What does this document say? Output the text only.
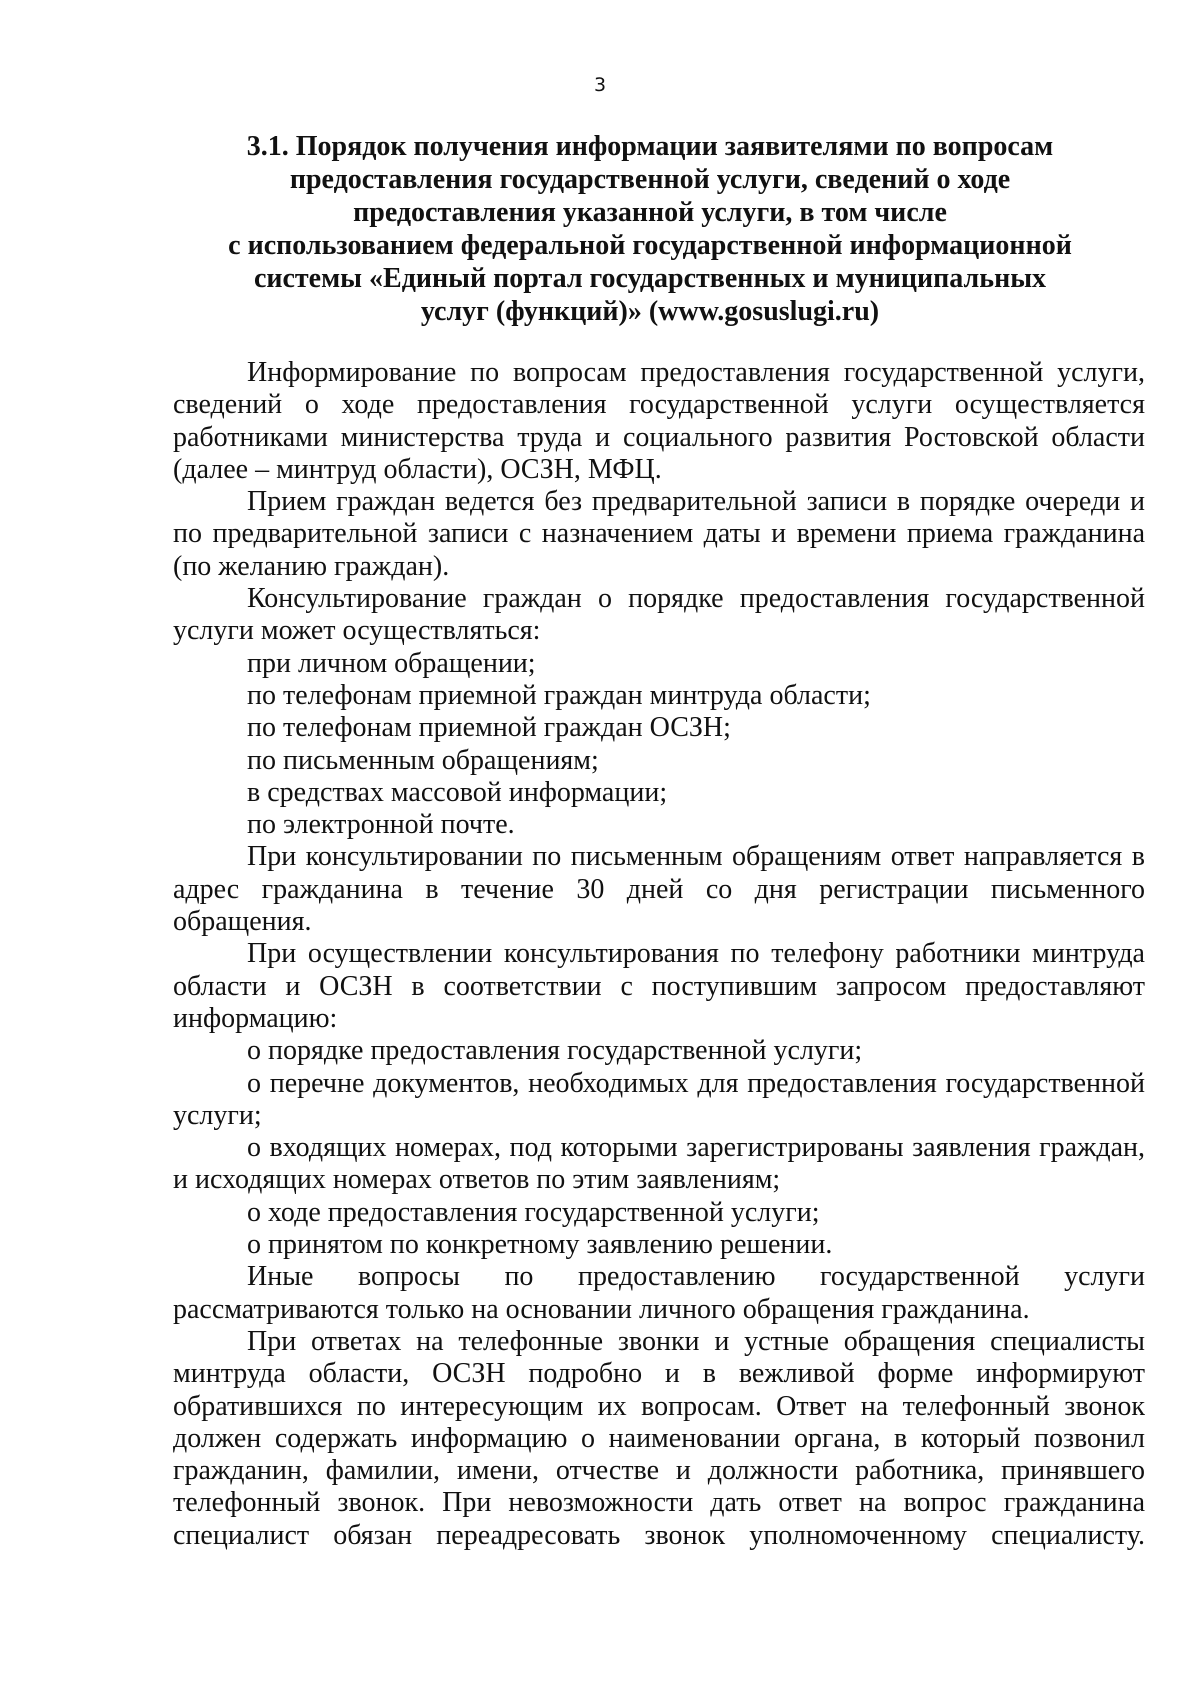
3
3.1. Порядок получения информации заявителями по вопросам
предоставления государственной услуги, сведений о ходе
предоставления указанной услуги, в том числе
с использованием федеральной государственной информационной
системы «Единый портал государственных и муниципальных
услуг (функций)» (www.gosuslugi.ru)

Информирование по вопросам предоставления государственной услуги, сведений о ходе предоставления государственной услуги осуществляется работниками министерства труда и социального развития Ростовской области (далее – минтруд области), ОСЗН, МФЦ.

Прием граждан ведется без предварительной записи в порядке очереди и по предварительной записи с назначением даты и времени приема гражданина (по желанию граждан).

Консультирование граждан о порядке предоставления государственной услуги может осуществляться:

при личном обращении;

по телефонам приемной граждан минтруда области;

по телефонам приемной граждан ОСЗН;

по письменным обращениям;

в средствах массовой информации;

по электронной почте.

При консультировании по письменным обращениям ответ направляется в адрес гражданина в течение 30 дней со дня регистрации письменного обращения.

При осуществлении консультирования по телефону работники минтруда области и ОСЗН в соответствии с поступившим запросом предоставляют информацию:

о порядке предоставления государственной услуги;

о перечне документов, необходимых для предоставления государственной услуги;

о входящих номерах, под которыми зарегистрированы заявления граждан, и исходящих номерах ответов по этим заявлениям;

о ходе предоставления государственной услуги;

о принятом по конкретному заявлению решении.

Иные вопросы по предоставлению государственной услуги рассматриваются только на основании личного обращения гражданина.

При ответах на телефонные звонки и устные обращения специалисты минтруда области, ОСЗН подробно и в вежливой форме информируют обратившихся по интересующим их вопросам. Ответ на телефонный звонок должен содержать информацию о наименовании органа, в который позвонил гражданин, фамилии, имени, отчестве и должности работника, принявшего телефонный звонок. При невозможности дать ответ на вопрос гражданина специалист обязан переадресовать звонок уполномоченному специалисту.
